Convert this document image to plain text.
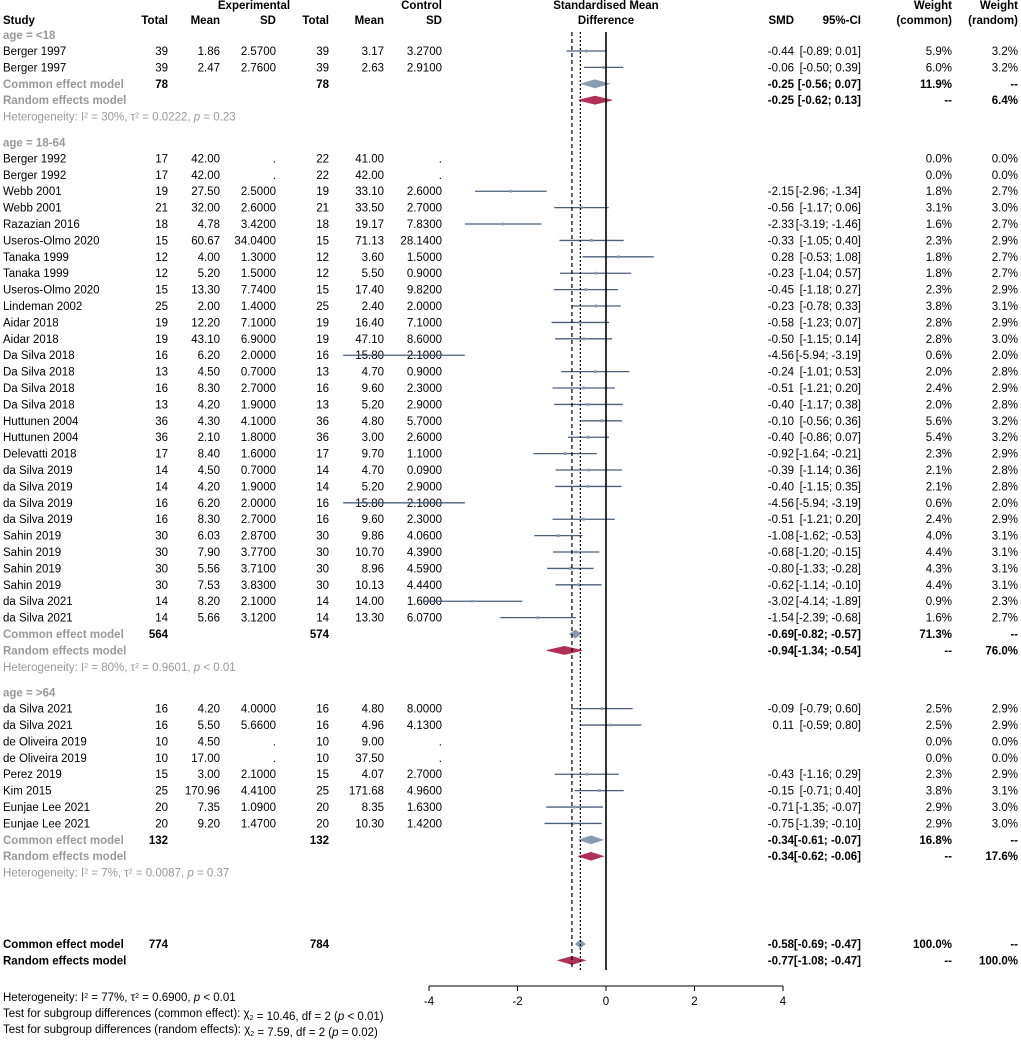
Study
Experimental	Control
Total Mean	SD Total Mean	SD
Standardised Mean
Difference	SMD 95%-CI
Weight
(common)
Weight
(random)
age = <18
Berger 1997	39	1.86 2.5700	39	3.17 3.2700	-0.44 [-0.89; 0.01]	5.9%	3.2%
Berger 1997	39	2.47 2.7600	39	2.63 2.9100	-0.06 [-0.50; 0.39]	6.0%	3.2%
Common effect model	78	78	-0.25 [-0.56; 0.07]	11.9%	--
Random effects model	-0.25 [-0.62; 0.13]	--	6.4%
Heterogeneity: $I^2 = 30\%$, $\tau^2 = 0.0222$, p = 0.23
age = 18-64
Berger 1992	17 42.00	.	22 41.00	.	0.0%	0.0%
Berger 1992	17 42.00	.	22 42.00	.	0.0%	0.0%
Webb 2001	19 27.50 2.5000	19 33.10 2.6000	-2.15 [-2.96; -1.34]	1.8%	2.7%
Webb 2001	21 32.00 2.6000	21 33.50 2.7000	-0.56 [-1.17; 0.06]	3.1%	3.0%
Razazian 2016	18	4.78 3.4200	18 19.17 7.8300	-2.33 [-3.19; -1.46]	1.6%	2.7%
Useros-Olmo 2020	15 60.67 34.0400	15 71.13 28.1400	-0.33 [-1.05; 0.40]	2.3%	2.9%
Tanaka 1999	12	4.00 1.3000	12	3.60 1.5000	0.28 [-0.53; 1.08]	1.8%	2.7%
Tanaka 1999	12	5.20 1.5000	12	5.50 0.9000	-0.23 [-1.04; 0.57]	1.8%	2.7%
Useros-Olmo 2020	15 13.30 7.7400	15 17.40 9.8200	-0.45 [-1.18; 0.27]	2.3%	2.9%
Lindeman 2002	25	2.00 1.4000	25	2.40 2.0000	-0.23 [-0.78; 0.33]	3.8%	3.1%
Aidar 2018	19 12.20 7.1000	19 16.40 7.1000	-0.58 [-1.23; 0.07]	2.8%	2.9%
Aidar 2018	19 43.10 6.9000	19 47.10 8.6000	-0.50 [-1.15; 0.14]	2.8%	3.0%
Da Silva 2018	16	6.20 2.0000	16 15.80 2.1000	-4.56 [-5.94; -3.19]	0.6%	2.0%
Da Silva 2018	13	4.50 0.7000	13	4.70 0.9000	-0.24 [-1.01; 0.53]	2.0%	2.8%
Da Silva 2018	16	8.30 2.7000	16	9.60 2.3000	-0.51 [-1.21; 0.20]	2.4%	2.9%
Da Silva 2018	13	4.20 1.9000	13	5.20 2.9000	-0.40 [-1.17; 0.38]	2.0%	2.8%
Huttunen 2004	36	4.30 4.1000	36	4.80 5.7000	-0.10 [-0.56; 0.36]	5.6%	3.2%
Huttunen 2004	36	2.10 1.8000	36	3.00 2.6000	-0.40 [-0.86; 0.07]	5.4%	3.2%
Delevatti 2018	17	8.40 1.6000	17	9.70 1.1000	-0.92 [-1.64; -0.21]	2.3%	2.9%
da Silva 2019	14	4.50 0.7000	14	4.70 0.0900	-0.39 [-1.14; 0.36]	2.1%	2.8%
da Silva 2019	14	4.20 1.9000	14	5.20 2.9000	-0.40 [-1.15; 0.35]	2.1%	2.8%
da Silva 2019	16	6.20 2.0000	16 15.80 2.1000	-4.56 [-5.94; -3.19]	0.6%	2.0%
da Silva 2019	16	8.30 2.7000	16	9.60 2.3000	-0.51 [-1.21; 0.20]	2.4%	2.9%
Sahin 2019	30	6.03 2.8700	30	9.86 4.0600	-1.08 [-1.62; -0.53]	4.0%	3.1%
Sahin 2019	30	7.90 3.7700	30 10.70 4.3900	-0.68 [-1.20; -0.15]	4.4%	3.1%
Sahin 2019	30	5.56 3.7100	30	8.96 4.5900	-0.80 [-1.33; -0.28]	4.3%	3.1%
Sahin 2019	30	7.53 3.8300	30 10.13 4.4400	-0.62 [-1.14; -0.10]	4.4%	3.1%
da Silva 2021	14	8.20 2.1000	14 14.00 1.6000	-3.02 [-4.14; -1.89]	0.9%	2.3%
da Silva 2021	14	5.66 3.1200	14 13.30 6.0700	-1.54 [-2.39; -0.68]	1.6%	2.7%
Common effect model 564	574	-0.69 [-0.82; -0.57]	71.3%	--
Random effects model	-0.94 [-1.34; -0.54]	--	76.0%
Heterogeneity: $I^2 = 80\%$, $\tau^2 = 0.9601$, p < 0.01
age = >64
da Silva 2021	16	4.20 4.0000	16	4.80 8.0000	-0.09 [-0.79; 0.60]	2.5%	2.9%
da Silva 2021	16	5.50 5.6600	16	4.96 4.1300	0.11 [-0.59; 0.80]	2.5%	2.9%
de Oliveira 2019	10	4.50	.	10	9.00	.	0.0%	0.0%
de Oliveira 2019	10 17.00	.	10 37.50	.	0.0%	0.0%
Perez 2019	15	3.00 2.1000	15	4.07 2.7000	-0.43 [-1.16; 0.29]	2.3%	2.9%
Kim 2015	25 170.96 4.4100	25 171.68 4.9600	-0.15 [-0.71; 0.40]	3.8%	3.1%
Eunjae Lee 2021	20	7.35 1.0900	20	8.35 1.6300	-0.71 [-1.35; -0.07]	2.9%	3.0%
Eunjae Lee 2021	20	9.20 1.4700	20 10.30 1.4200	-0.75 [-1.39; -0.10]	2.9%	3.0%
Common effect model 132	132	-0.34 [-0.61; -0.07]	16.8%	--
Random effects model	-0.34 [-0.62; -0.06]	--	17.6%
Heterogeneity: $I^2 = 7\%$, $\tau^2 = 0.0087$, p = 0.37
Common effect model 774	784	-0.58 [-0.69; -0.47]	100.0%	--
Random effects model	-0.77 [-1.08; -0.47]	-- 100.0%
-4	-2	0	2	4
Heterogeneity: $I^2 = 77\%$, $\tau^2 = 0.6900$, p < 0.01
Test for subgroup differences (common effect): $\chi_2 = 10.46$, df = 2 (p < 0.01)
Test for subgroup differences (random effects): $\chi_2 = 7.59$, df = 2 (p = 0.02)
